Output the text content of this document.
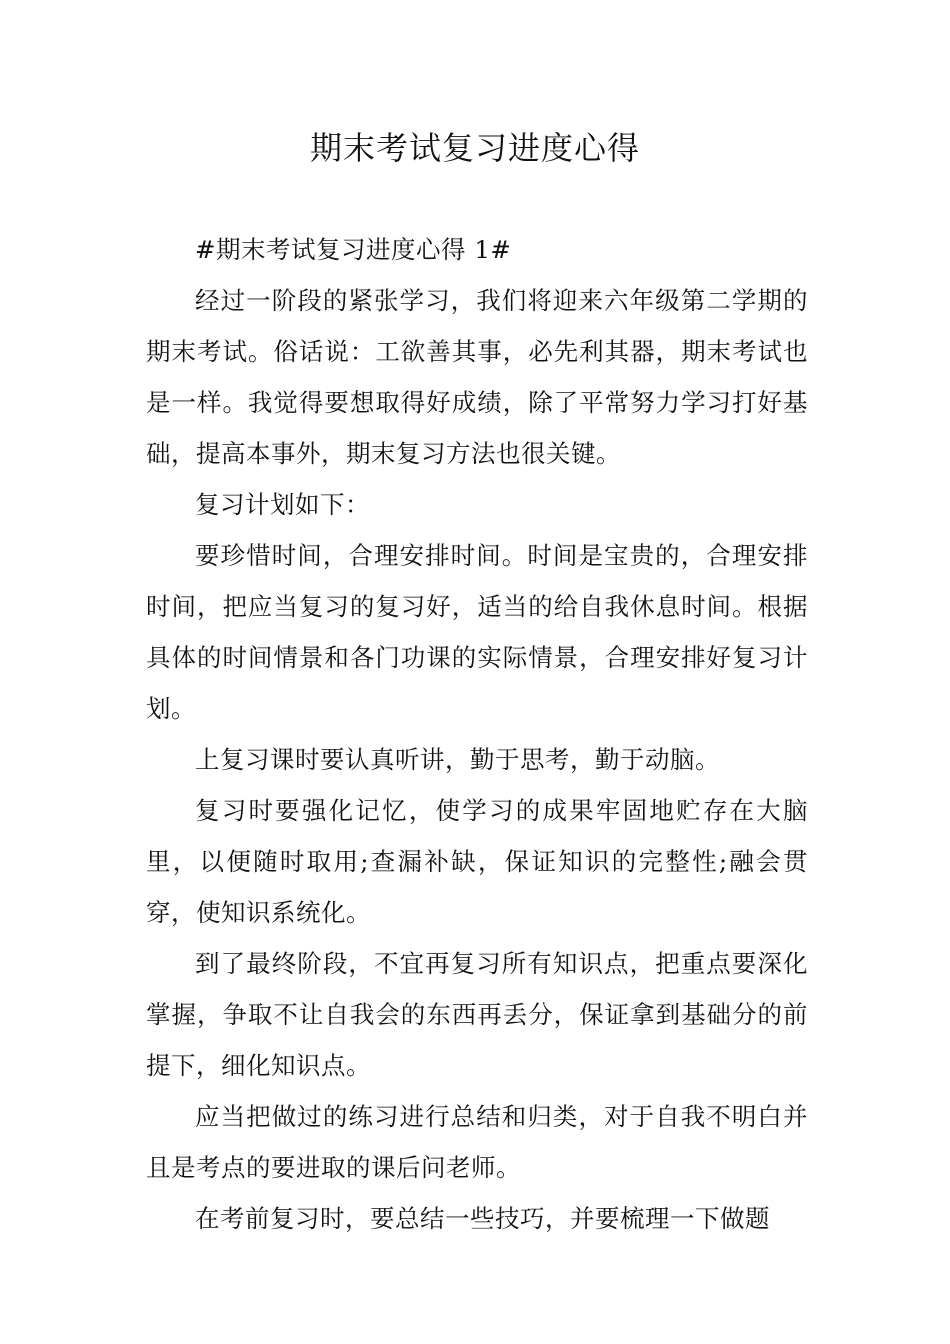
期末考试复习进度心得

#期末考试复习进度心得 1#

经过一阶段的紧张学习，我们将迎来六年级第二学期的期末考试。俗话说：工欲善其事，必先利其器，期末考试也是一样。我觉得要想取得好成绩，除了平常努力学习打好基础，提高本事外，期末复习方法也很关键。

复习计划如下：

要珍惜时间，合理安排时间。时间是宝贵的，合理安排时间，把应当复习的复习好，适当的给自我休息时间。根据具体的时间情景和各门功课的实际情景，合理安排好复习计划。

上复习课时要认真听讲，勤于思考，勤于动脑。

复习时要强化记忆，使学习的成果牢固地贮存在大脑里，以便随时取用;查漏补缺，保证知识的完整性;融会贯穿，使知识系统化。

到了最终阶段，不宜再复习所有知识点，把重点要深化掌握，争取不让自我会的东西再丢分，保证拿到基础分的前提下，细化知识点。

应当把做过的练习进行总结和归类，对于自我不明白并且是考点的要进取的课后问老师。

在考前复习时，要总结一些技巧，并要梳理一下做题
